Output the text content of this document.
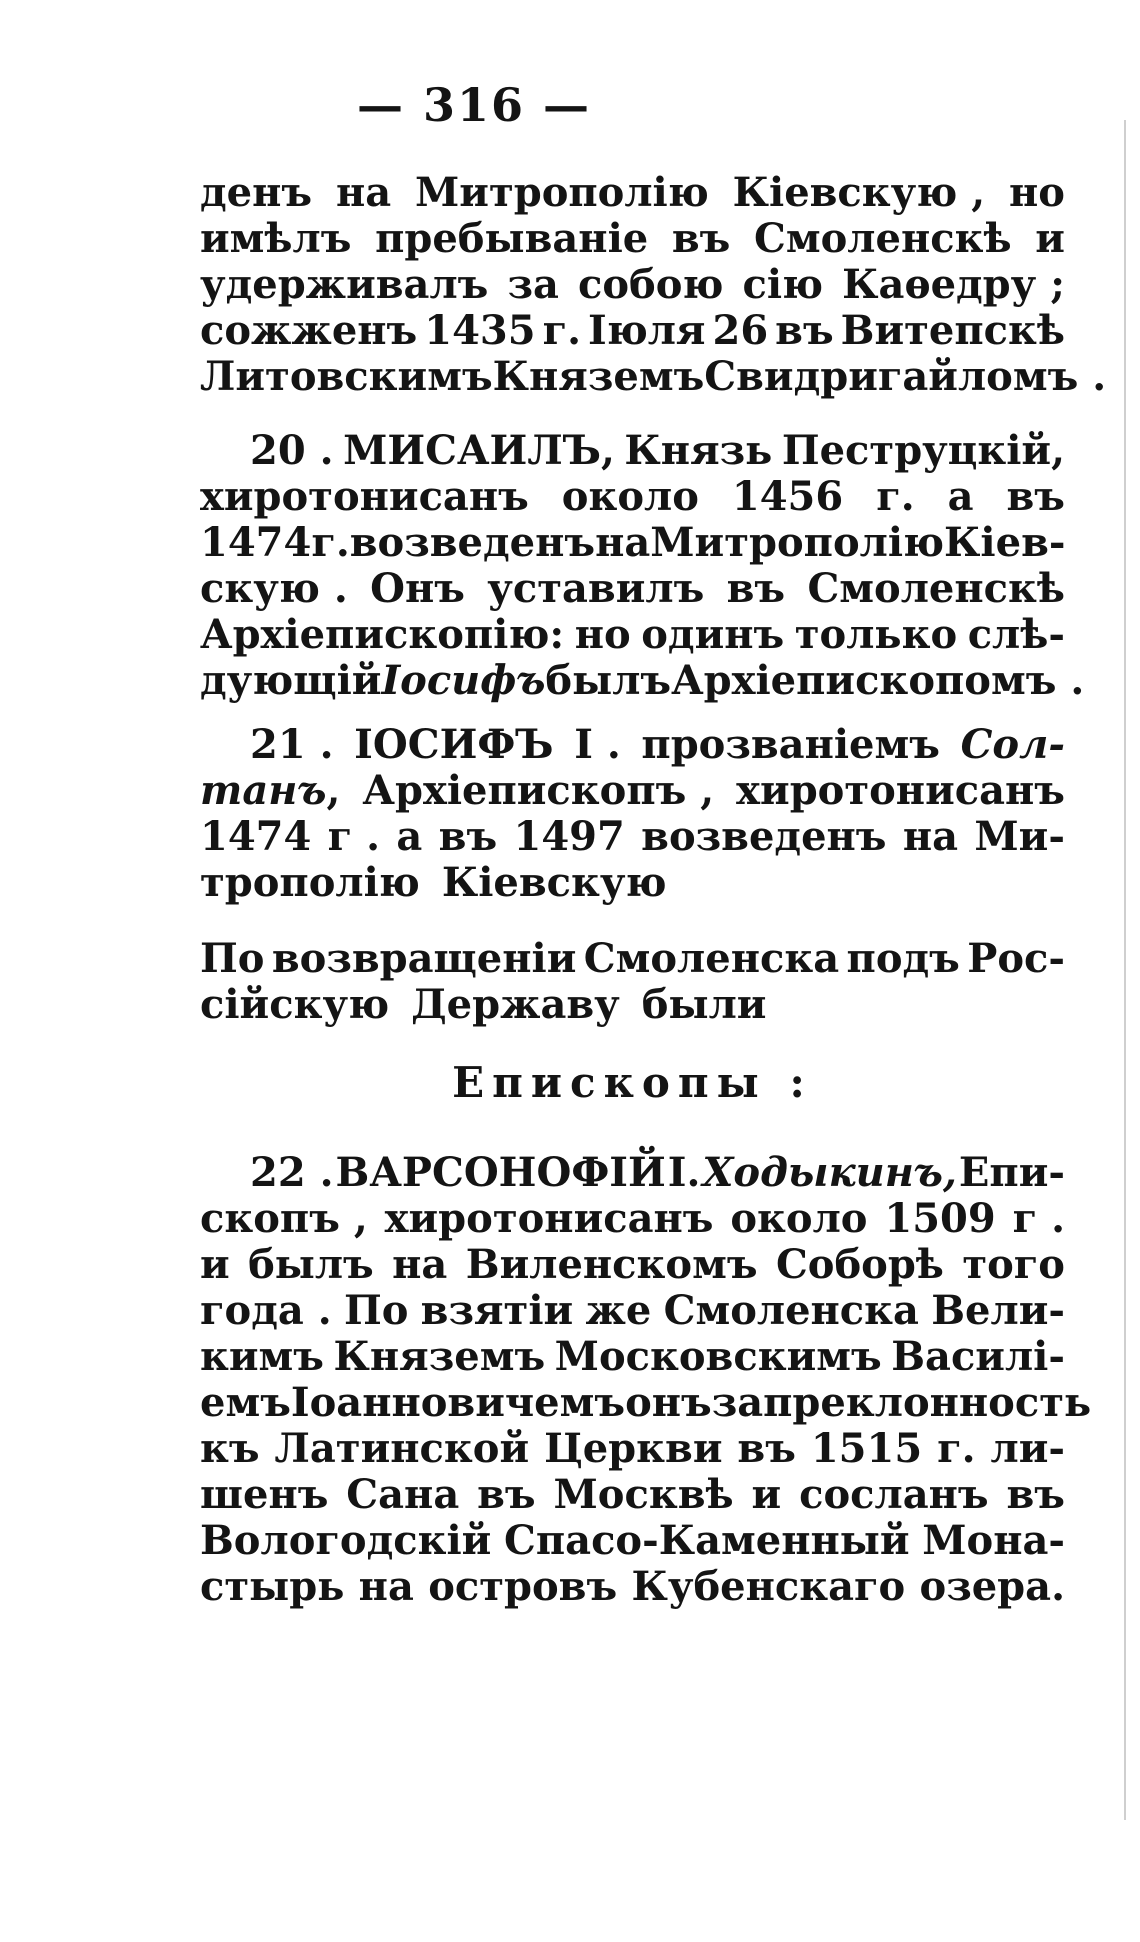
— 316 —
денъ на Митрополію Кіевскую , но
имѣлъ пребываніе въ Смоленскѣ и
удерживалъ за собою сію Каѳедру ;
сожженъ 1435 г. Іюля 26 въ Витепскѣ
Литовскимъ Княземъ Свидригайломъ .
20 . МИСАИЛЪ, Князь Пеструцкій,
хиротонисанъ около 1456 г. а въ
1474 г. возведенъ на Митрополію Кіев-
скую . Онъ уставилъ въ Смоленскѣ
Архіепископію: но одинъ только слѣ-
дующій Іосифъ былъ Архіепископомъ .
21 . ІОСИФЪ I . прозваніемъ Сол-
танъ, Архіепископъ , хиротонисанъ
1474 г . а въ 1497 возведенъ на Ми-
трополію Кіевскую
По возвращеніи Смоленска подъ Рос-
сійскую Державу были
Епископы :
22 . ВАРСОНОФІЙ I. Ходыкинъ, Епи-
скопъ , хиротонисанъ около 1509 г .
и былъ на Виленскомъ Соборѣ того
года . По взятіи же Смоленска Вели-
кимъ Княземъ Московскимъ Василі-
емъ Іоанновичемъ онъ за преклонность
къ Латинской Церкви въ 1515 г. ли-
шенъ Сана въ Москвѣ и сосланъ въ
Вологодскій Спасо-Каменный Мона-
стырь на островъ Кубенскаго озера.
